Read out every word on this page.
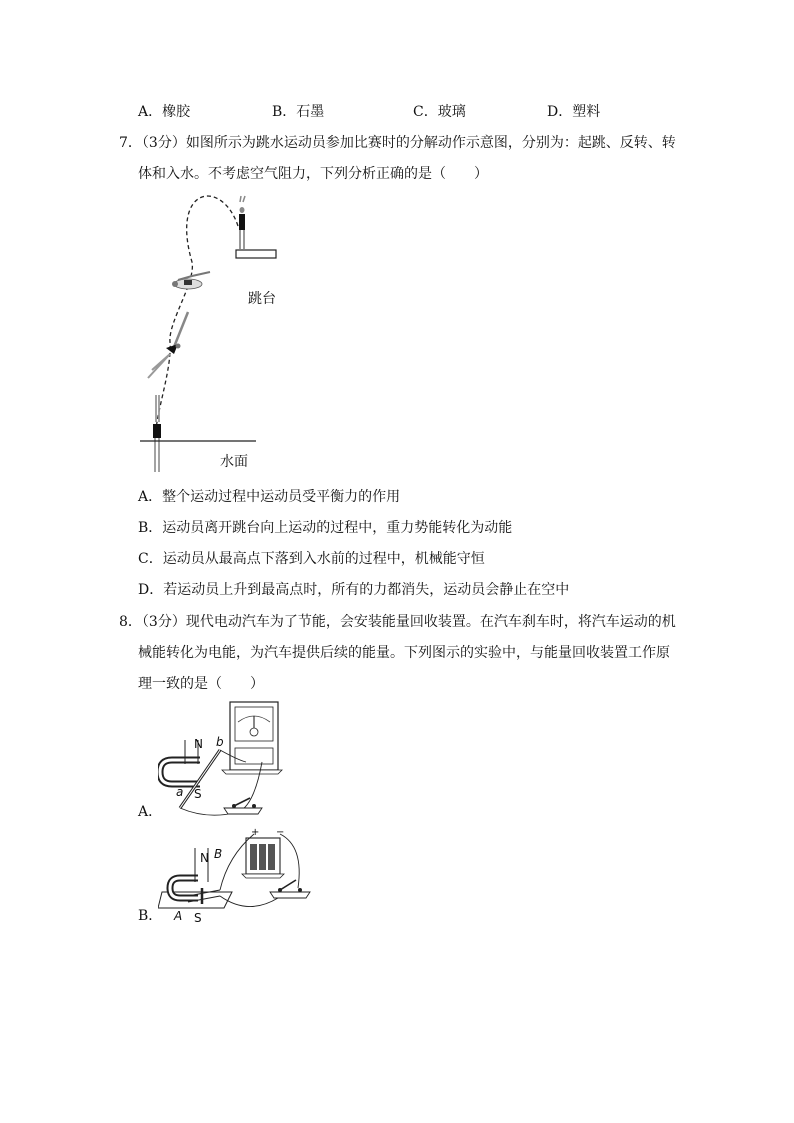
A．橡胶	B．石墨	C．玻璃	D．塑料
7．（3分）如图所示为跳水运动员参加比赛时的分解动作示意图，分别为：起跳、反转、转
体和入水。不考虑空气阻力，下列分析正确的是（　　）
跳台
水面
A．整个运动过程中运动员受平衡力的作用
B．运动员离开跳台向上运动的过程中，重力势能转化为动能
C．运动员从最高点下落到入水前的过程中，机械能守恒
D．若运动员上升到最高点时，所有的力都消失，运动员会静止在空中
8．（3分）现代电动汽车为了节能，会安装能量回收装置。在汽车刹车时，将汽车运动的机
械能转化为电能，为汽车提供后续的能量。下列图示的实验中，与能量回收装置工作原
理一致的是（　　）
N
S
a
b
A．
+ −
N B
A S
B．
